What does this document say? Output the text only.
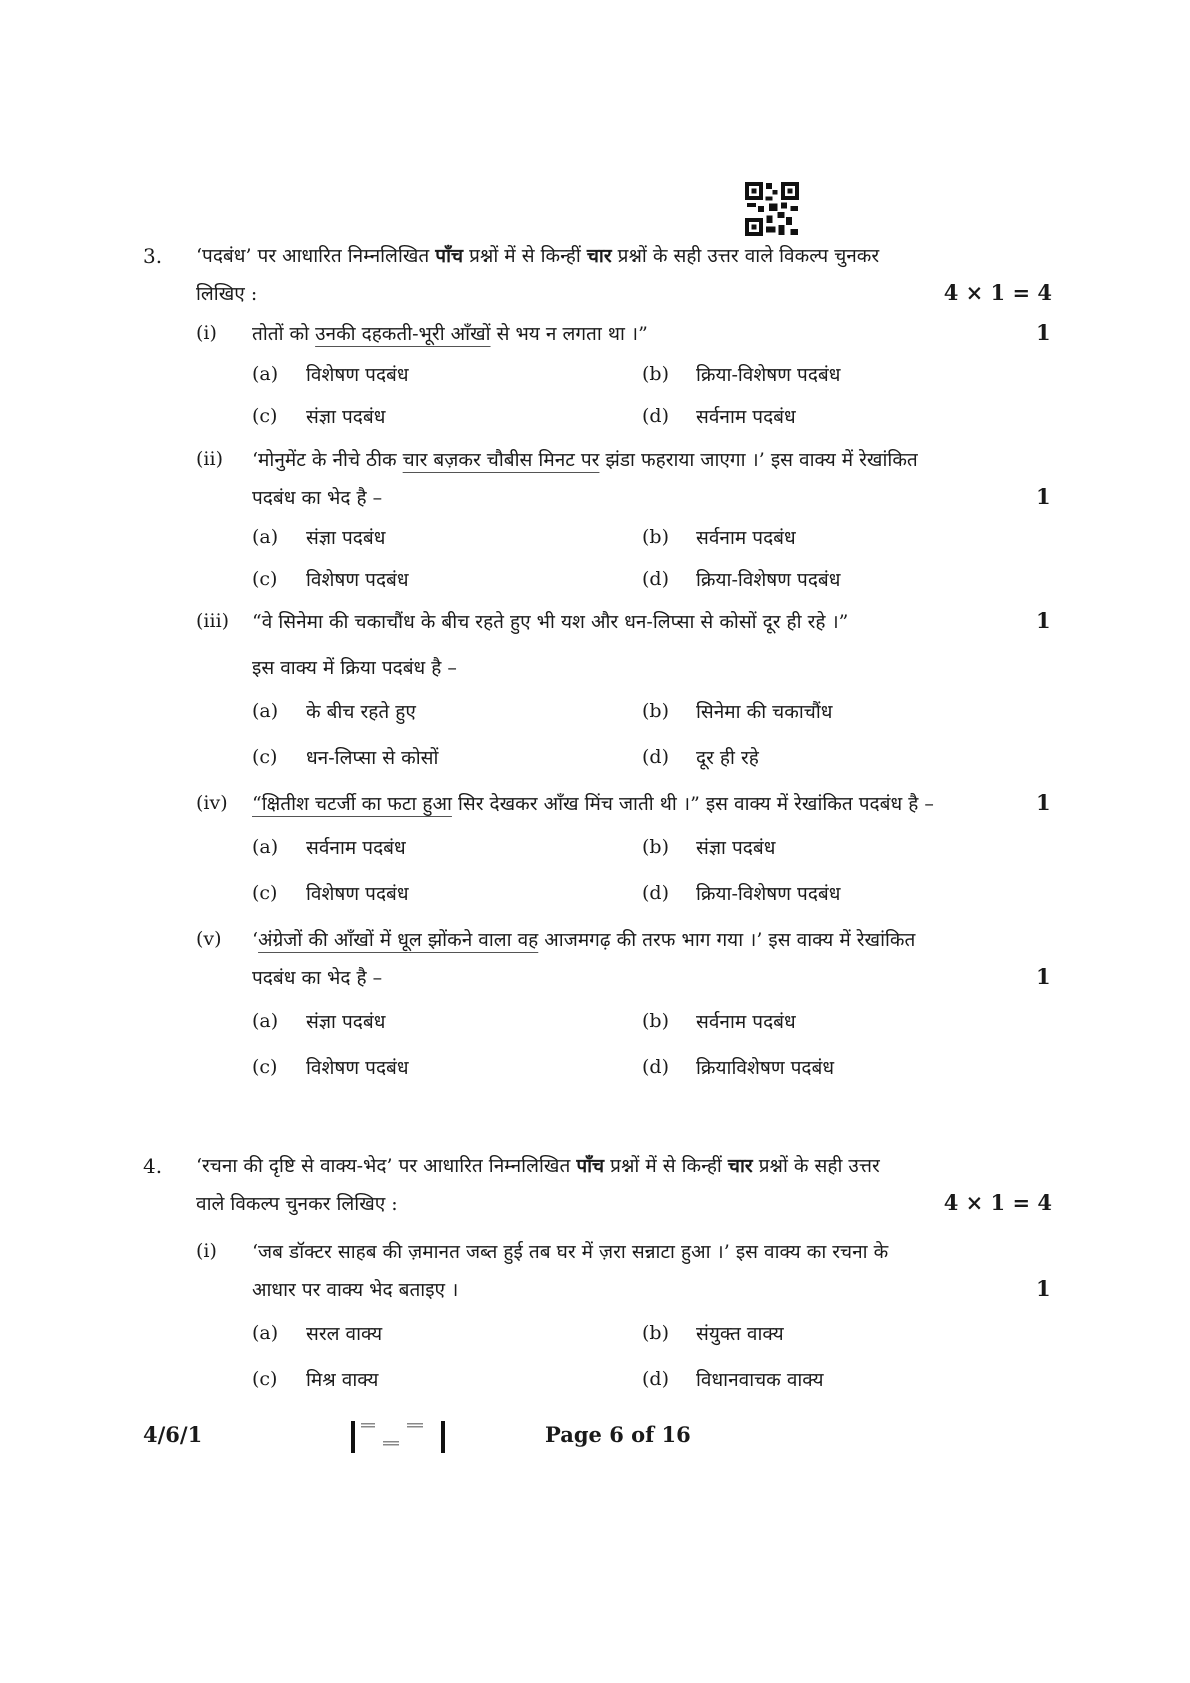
3. ‘पदबंध’ पर आधारित निम्नलिखित पाँच प्रश्नों में से किन्हीं चार प्रश्नों के सही उत्तर वाले विकल्प चुनकर
लिखिए :	4 × 1 = 4
(i) तोतों को उनकी दहकती-भूरी आँखों से भय न लगता था ।”	1
(a) विशेषण पदबंध	(b) क्रिया-विशेषण पदबंध
(c) संज्ञा पदबंध	(d) सर्वनाम पदबंध
(ii) ‘मोनुमेंट के नीचे ठीक चार बज़कर चौबीस मिनट पर झंडा फहराया जाएगा ।’ इस वाक्य में रेखांकित
पदबंध का भेद है –	1
(a) संज्ञा पदबंध	(b) सर्वनाम पदबंध
(c) विशेषण पदबंध	(d) क्रिया-विशेषण पदबंध
(iii) “वे सिनेमा की चकाचौंध के बीच रहते हुए भी यश और धन-लिप्सा से कोसों दूर ही रहे ।”	1
इस वाक्य में क्रिया पदबंध है –
(a) के बीच रहते हुए	(b) सिनेमा की चकाचौंध
(c) धन-लिप्सा से कोसों	(d) दूर ही रहे
(iv) “क्षितीश चटर्जी का फटा हुआ सिर देखकर आँख मिंच जाती थी ।” इस वाक्य में रेखांकित पदबंध है –	1
(a) सर्वनाम पदबंध	(b) संज्ञा पदबंध
(c) विशेषण पदबंध	(d) क्रिया-विशेषण पदबंध
(v) ‘अंग्रेजों की आँखों में धूल झोंकने वाला वह आजमगढ़ की तरफ भाग गया ।’ इस वाक्य में रेखांकित
पदबंध का भेद है –	1
(a) संज्ञा पदबंध	(b) सर्वनाम पदबंध
(c) विशेषण पदबंध	(d) क्रियाविशेषण पदबंध
4. ‘रचना की दृष्टि से वाक्य-भेद’ पर आधारित निम्नलिखित पाँच प्रश्नों में से किन्हीं चार प्रश्नों के सही उत्तर
वाले विकल्प चुनकर लिखिए :	4 × 1 = 4
(i) ‘जब डॉक्टर साहब की ज़मानत जब्त हुई तब घर में ज़रा सन्नाटा हुआ ।’ इस वाक्य का रचना के
आधार पर वाक्य भेद बताइए ।	1
(a) सरल वाक्य	(b) संयुक्त वाक्य
(c) मिश्र वाक्य	(d) विधानवाचक वाक्य
4/6/1	Page 6 of 16
